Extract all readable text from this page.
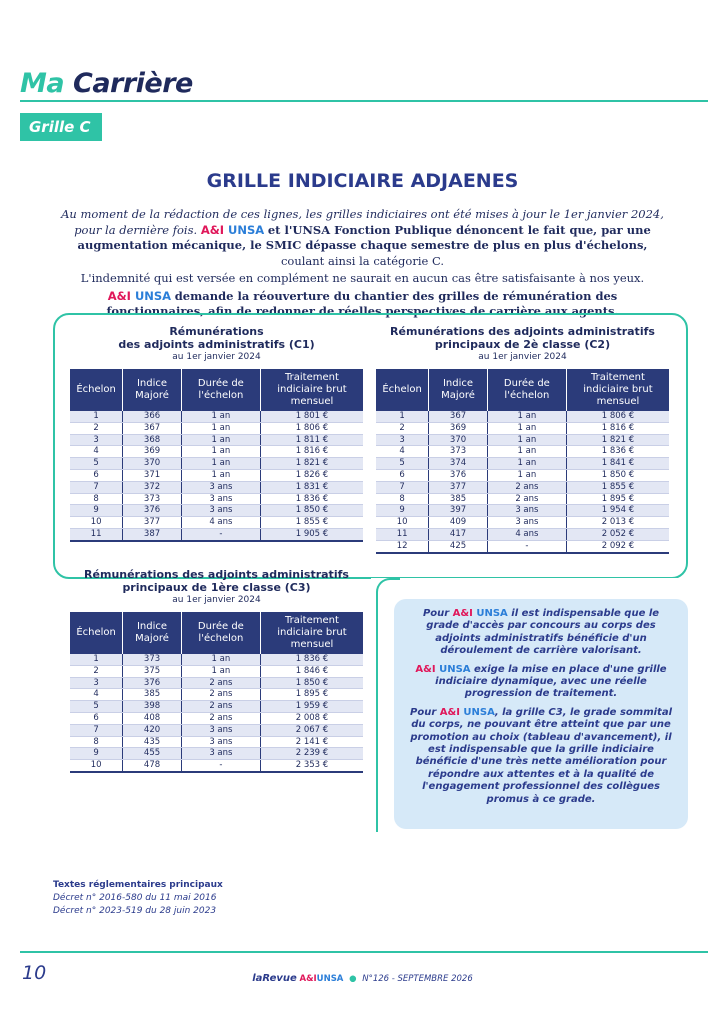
Ma Carrière
Grille C
GRILLE INDICIAIRE ADJAENES

Au moment de la rédaction de ces lignes, les grilles indiciaires ont été mises à jour le 1er janvier 2024, pour la dernière fois. A&I UNSA et l'UNSA Fonction Publique dénoncent le fait que, par une augmentation mécanique, le SMIC dépasse chaque semestre de plus en plus d'échelons, coulant ainsi la catégorie C.

L'indemnité qui est versée en complément ne saurait en aucun cas être satisfaisante à nos yeux.

A&I UNSA demande la réouverture du chantier des grilles de rémunération des fonctionnaires, afin de redonner de réelles perspectives de carrière aux agents.

Rémunérations
des adjoints administratifs (C1)
au 1er janvier 2024
Échelon	Indice Majoré	Durée de l'échelon	Traitement indiciaire brut mensuel
1	366	1 an	1 801 €
2	367	1 an	1 806 €
3	368	1 an	1 811 €
4	369	1 an	1 816 €
5	370	1 an	1 821 €
6	371	1 an	1 826 €
7	372	3 ans	1 831 €
8	373	3 ans	1 836 €
9	376	3 ans	1 850 €
10	377	4 ans	1 855 €
11	387	-	1 905 €
Rémunérations des adjoints administratifs
principaux de 2è classe (C2)
au 1er janvier 2024
Échelon	Indice Majoré	Durée de l'échelon	Traitement indiciaire brut mensuel
1	367	1 an	1 806 €
2	369	1 an	1 816 €
3	370	1 an	1 821 €
4	373	1 an	1 836 €
5	374	1 an	1 841 €
6	376	1 an	1 850 €
7	377	2 ans	1 855 €
8	385	2 ans	1 895 €
9	397	3 ans	1 954 €
10	409	3 ans	2 013 €
11	417	4 ans	2 052 €
12	425	-	2 092 €
Rémunérations des adjoints administratifs
principaux de 1ère classe (C3)
au 1er janvier 2024
Échelon	Indice Majoré	Durée de l'échelon	Traitement indiciaire brut mensuel
1	373	1 an	1 836 €
2	375	1 an	1 846 €
3	376	2 ans	1 850 €
4	385	2 ans	1 895 €
5	398	2 ans	1 959 €
6	408	2 ans	2 008 €
7	420	3 ans	2 067 €
8	435	3 ans	2 141 €
9	455	3 ans	2 239 €
10	478	-	2 353 €

Pour A&I UNSA il est indispensable que le grade d'accès par concours au corps des adjoints administratifs bénéficie d'un déroulement de carrière valorisant.

A&I UNSA exige la mise en place d'une grille indiciaire dynamique, avec une réelle progression de traitement.

Pour A&I UNSA, la grille C3, le grade sommital du corps, ne pouvant être atteint que par une promotion au choix (tableau d'avancement), il est indispensable que la grille indiciaire bénéficie d'une très nette amélioration pour répondre aux attentes et à la qualité de l'engagement professionnel des collègues promus à ce grade.

Textes réglementaires principaux
Décret n° 2016-580 du 11 mai 2016
Décret n° 2023-519 du 28 juin 2023
10	laRevue A&IUNSA ● N°126 - SEPTEMBRE 2026
